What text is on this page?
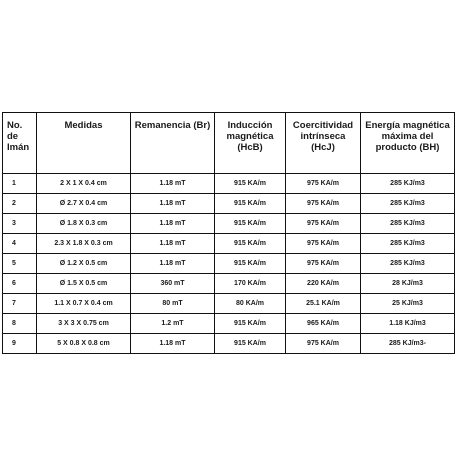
No. de Imán	Medidas	Remanencia (Br)	Inducción magnética (HcB)	Coercitividad intrínseca (HcJ)	Energía magnética máxima del producto (BH)
1	2 X 1 X 0.4 cm	1.18 mT	915 KA/m	975 KA/m	285 KJ/m3
2	Ø 2.7 X 0.4 cm	1.18 mT	915 KA/m	975 KA/m	285 KJ/m3
3	Ø 1.8 X 0.3 cm	1.18 mT	915 KA/m	975 KA/m	285 KJ/m3
4	2.3 X 1.8 X 0.3 cm	1.18 mT	915 KA/m	975 KA/m	285 KJ/m3
5	Ø 1.2 X 0.5 cm	1.18 mT	915 KA/m	975 KA/m	285 KJ/m3
6	Ø 1.5 X 0.5 cm	360 mT	170 KA/m	220 KA/m	28 KJ/m3
7	1.1 X 0.7 X 0.4 cm	80 mT	80 KA/m	25.1 KA/m	25 KJ/m3
8	3 X 3 X 0.75 cm	1.2 mT	915 KA/m	965 KA/m	1.18 KJ/m3
9	5 X 0.8 X 0.8 cm	1.18 mT	915 KA/m	975 KA/m	285 KJ/m3-
